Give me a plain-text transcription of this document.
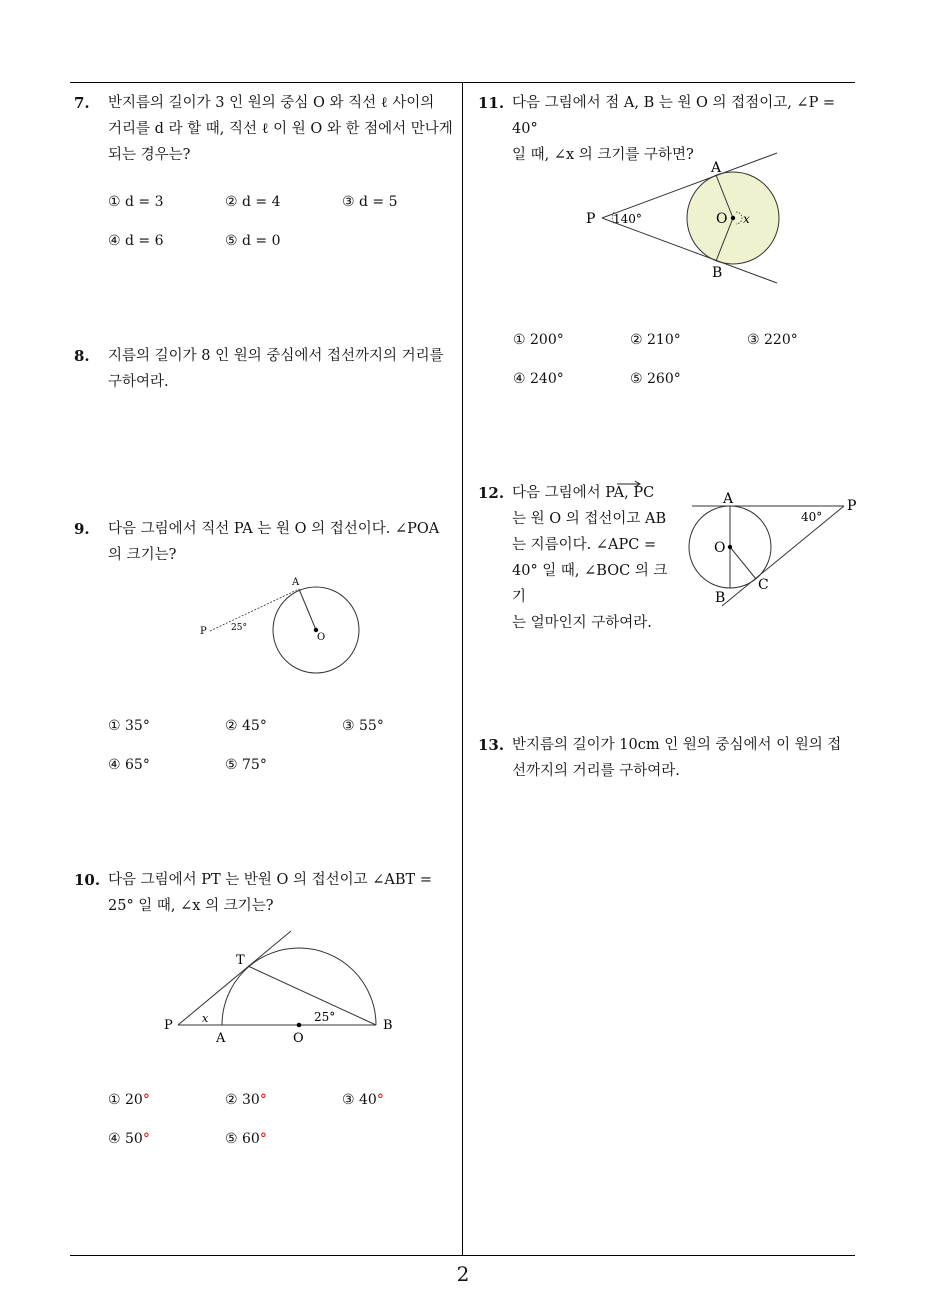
7. 반지름의 길이가 3 인 원의 중심 O 와 직선 ℓ 사이의
거리를 d 라 할 때, 직선 ℓ 이 원 O 와 한 점에서 만나게
되는 경우는?
① d = 3	② d = 4	③ d = 5
④ d = 6	⑤ d = 0
8. 지름의 길이가 8 인 원의 중심에서 접선까지의 거리를
구하여라.
9. 다음 그림에서 직선 PA 는 원 O 의 접선이다. ∠POA
의 크기는?
P
A
O
25°
① 35°	② 45°	③ 55°
④ 65°	⑤ 75°
10. 다음 그림에서 PT 는 반원 O 의 접선이고 ∠ABT =
25° 일 때, ∠x 의 크기는?
P
T
A	O
B
x	25°
① 20°	② 30°	③ 40°
④ 50°	⑤ 60°
11. 다음 그림에서 점 A, B 는 원 O 의 접점이고, ∠P = 40°
일 때, ∠x 의 크기를 구하면?
P
A
B
O
140°	x
① 200°	② 210°	③ 220°
④ 240°	⑤ 260°
12. 다음 그림에서 PA, PC
는 원 O 의 접선이고 AB
는 지름이다. ∠APC =
40° 일 때, ∠BOC 의 크기
는 얼마인지 구하여라.
A	P
O
C
B
40°
13. 반지름의 길이가 10cm 인 원의 중심에서 이 원의 접
선까지의 거리를 구하여라.
2
